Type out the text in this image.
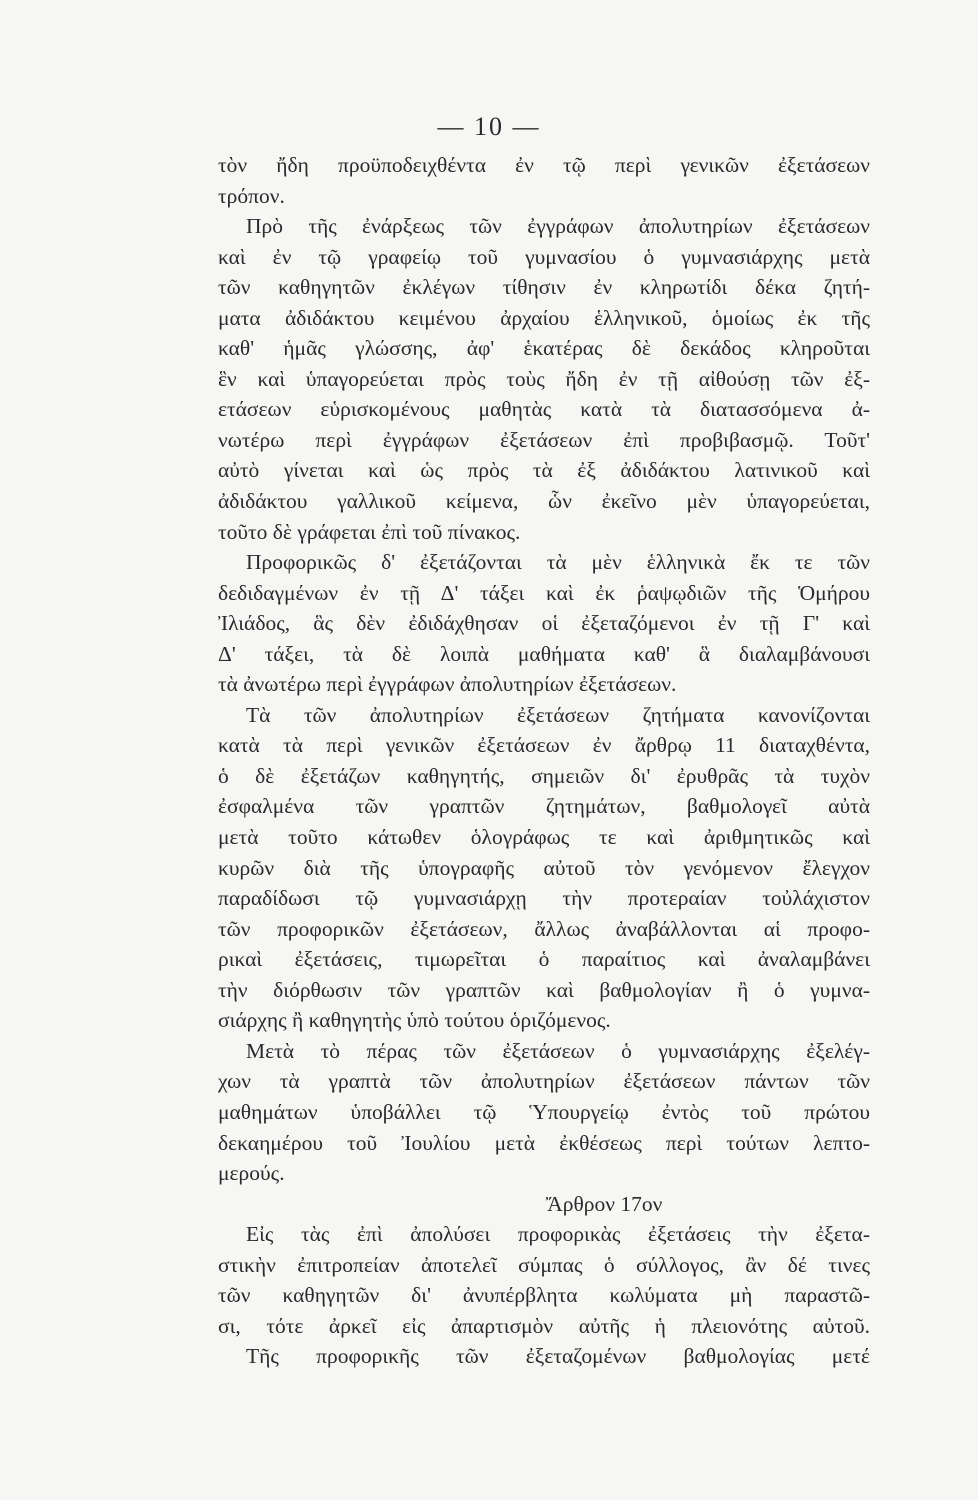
— 10 —
τὸν ἤδη προϋποδειχθέντα ἐν τῷ περὶ γενικῶν ἐξετάσεων
τρόπον.
Πρὸ τῆς ἐνάρξεως τῶν ἐγγράφων ἀπολυτηρίων ἐξετάσεων
καὶ ἐν τῷ γραφείῳ τοῦ γυμνασίου ὁ γυμνασιάρχης μετὰ
τῶν καθηγητῶν ἐκλέγων τίθησιν ἐν κληρωτίδι δέκα ζητή-
ματα ἀδιδάκτου κειμένου ἀρχαίου ἑλληνικοῦ, ὁμοίως ἐκ τῆς
καθ' ἡμᾶς γλώσσης, ἀφ' ἑκατέρας δὲ δεκάδος κληροῦται
ἓν καὶ ὑπαγορεύεται πρὸς τοὺς ἤδη ἐν τῇ αἰθούσῃ τῶν ἐξ-
ετάσεων εὑρισκομένους μαθητὰς κατὰ τὰ διατασσόμενα ἀ-
νωτέρω περὶ ἐγγράφων ἐξετάσεων ἐπὶ προβιβασμῷ. Τοῦτ'
αὐτὸ γίνεται καὶ ὡς πρὸς τὰ ἐξ ἀδιδάκτου λατινικοῦ καὶ
ἀδιδάκτου γαλλικοῦ κείμενα, ὧν ἐκεῖνο μὲν ὑπαγορεύεται,
τοῦτο δὲ γράφεται ἐπὶ τοῦ πίνακος.
Προφορικῶς δ' ἐξετάζονται τὰ μὲν ἑλληνικὰ ἔκ τε τῶν
δεδιδαγμένων ἐν τῇ Δ' τάξει καὶ ἐκ ῥαψῳδιῶν τῆς Ὁμήρου
Ἰλιάδος, ἃς δὲν ἐδιδάχθησαν οἱ ἐξεταζόμενοι ἐν τῇ Γ' καὶ
Δ' τάξει, τὰ δὲ λοιπὰ μαθήματα καθ' ἃ διαλαμβάνουσι
τὰ ἀνωτέρω περὶ ἐγγράφων ἀπολυτηρίων ἐξετάσεων.
Τὰ τῶν ἀπολυτηρίων ἐξετάσεων ζητήματα κανονίζονται
κατὰ τὰ περὶ γενικῶν ἐξετάσεων ἐν ἄρθρῳ 11 διαταχθέντα,
ὁ δὲ ἐξετάζων καθηγητής, σημειῶν δι' ἐρυθρᾶς τὰ τυχὸν
ἐσφαλμένα τῶν γραπτῶν ζητημάτων, βαθμολογεῖ αὐτὰ
μετὰ τοῦτο κάτωθεν ὁλογράφως τε καὶ ἀριθμητικῶς καὶ
κυρῶν διὰ τῆς ὑπογραφῆς αὐτοῦ τὸν γενόμενον ἔλεγχον
παραδίδωσι τῷ γυμνασιάρχῃ τὴν προτεραίαν τοὐλάχιστον
τῶν προφορικῶν ἐξετάσεων, ἄλλως ἀναβάλλονται αἱ προφο-
ρικαὶ ἐξετάσεις, τιμωρεῖται ὁ παραίτιος καὶ ἀναλαμβάνει
τὴν διόρθωσιν τῶν γραπτῶν καὶ βαθμολογίαν ἢ ὁ γυμνα-
σιάρχης ἢ καθηγητὴς ὑπὸ τούτου ὁριζόμενος.
Μετὰ τὸ πέρας τῶν ἐξετάσεων ὁ γυμνασιάρχης ἐξελέγ-
χων τὰ γραπτὰ τῶν ἀπολυτηρίων ἐξετάσεων πάντων τῶν
μαθημάτων ὑποβάλλει τῷ Ὑπουργείῳ ἐντὸς τοῦ πρώτου
δεκαημέρου τοῦ Ἰουλίου μετὰ ἐκθέσεως περὶ τούτων λεπτο-
μερούς.
Ἄρθρον 17ον
Εἰς τὰς ἐπὶ ἀπολύσει προφορικὰς ἐξετάσεις τὴν ἐξετα-
στικὴν ἐπιτροπείαν ἀποτελεῖ σύμπας ὁ σύλλογος, ἂν δέ τινες
τῶν καθηγητῶν δι' ἀνυπέρβλητα κωλύματα μὴ παραστῶ-
σι, τότε ἀρκεῖ εἰς ἀπαρτισμὸν αὐτῆς ἡ πλειονότης αὐτοῦ.
Τῆς προφορικῆς τῶν ἐξεταζομένων βαθμολογίας μετέ
